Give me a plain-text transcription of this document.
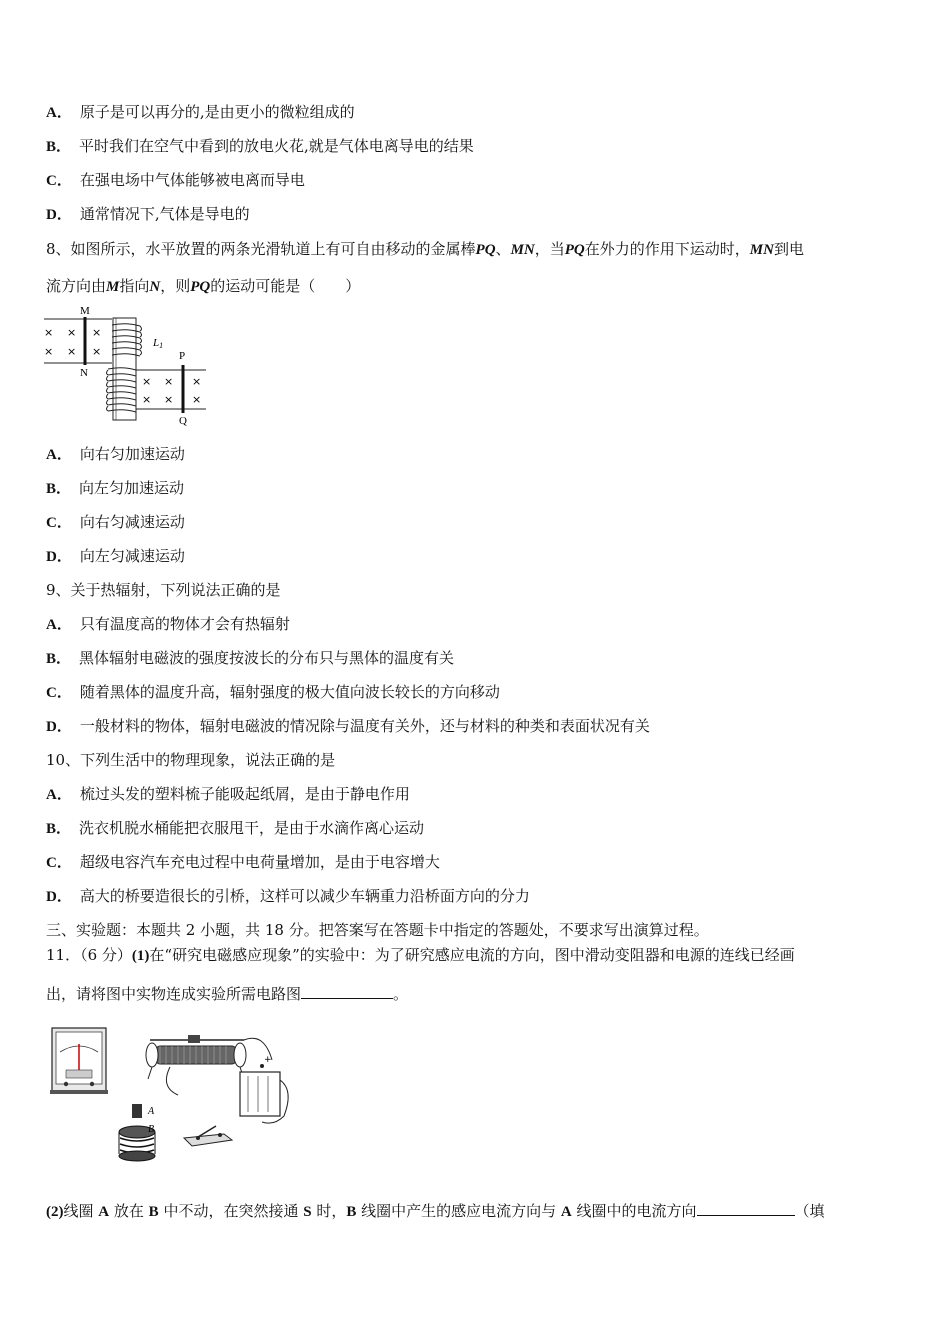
A． 原子是可以再分的,是由更小的微粒组成的
B． 平时我们在空气中看到的放电火花,就是气体电离导电的结果
C． 在强电场中气体能够被电离而导电
D． 通常情况下,气体是导电的
8、如图所示，水平放置的两条光滑轨道上有可自由移动的金属棒PQ、MN，当PQ在外力的作用下运动时，MN到电
流方向由M指向N，则PQ的运动可能是（　　）
× × ×
× × ×
M
N
L1
× × ×
× × ×
P
Q
A． 向右匀加速运动
B． 向左匀加速运动
C． 向右匀减速运动
D． 向左匀减速运动
9、关于热辐射，下列说法正确的是
A． 只有温度高的物体才会有热辐射
B． 黑体辐射电磁波的强度按波长的分布只与黑体的温度有关
C． 随着黑体的温度升高，辐射强度的极大值向波长较长的方向移动
D． 一般材料的物体，辐射电磁波的情况除与温度有关外，还与材料的种类和表面状况有关
10、下列生活中的物理现象，说法正确的是
A． 梳过头发的塑料梳子能吸起纸屑，是由于静电作用
B． 洗衣机脱水桶能把衣服甩干，是由于水滴作离心运动
C． 超级电容汽车充电过程中电荷量增加，是由于电容增大
D． 高大的桥要造很长的引桥，这样可以减少车辆重力沿桥面方向的分力
三、实验题：本题共 2 小题，共 18 分。把答案写在答题卡中指定的答题处，不要求写出演算过程。
11．（6 分）(1)在“研究电磁感应现象”的实验中：为了研究感应电流的方向，图中滑动变阻器和电源的连线已经画
出，请将图中实物连成实验所需电路图	。
+
A
B
(2)线圈 A 放在 B 中不动，在突然接通 S 时，B 线圈中产生的感应电流方向与 A 线圈中的电流方向	（填
